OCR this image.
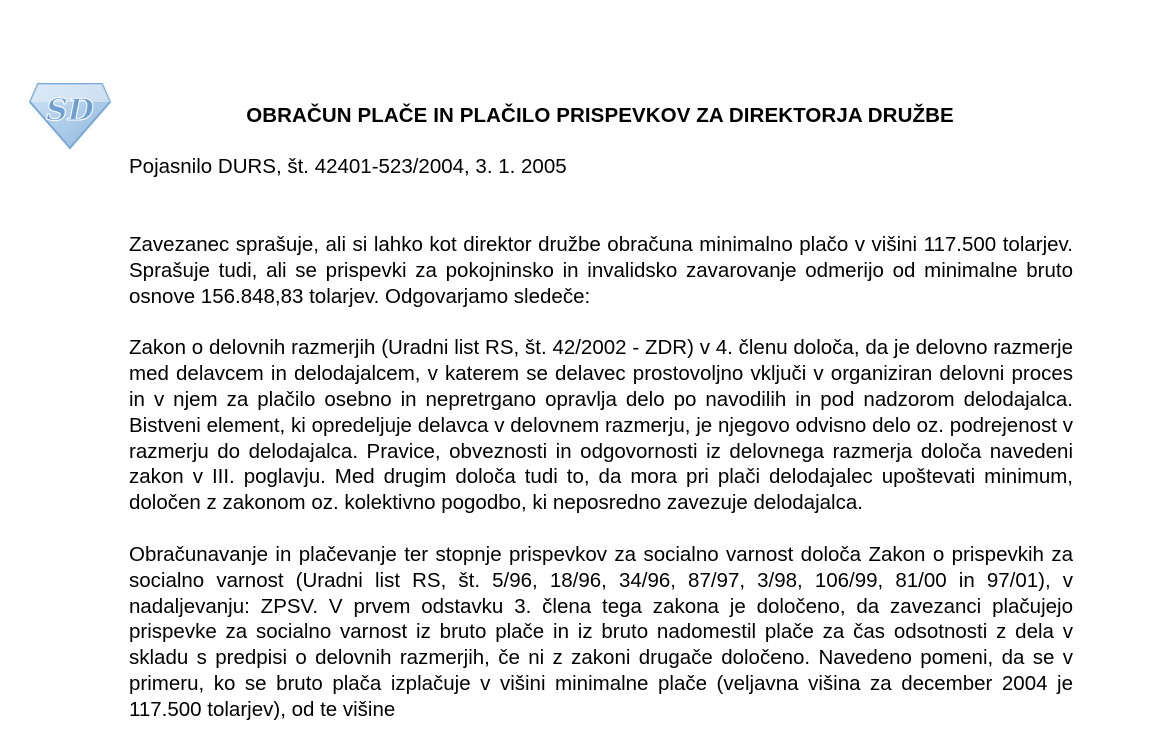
SD	OBRAČUN PLAČE IN PLAČILO PRISPEVKOV ZA DIREKTORJA DRUŽBE
Pojasnilo DURS, št. 42401-523/2004, 3. 1. 2005

Zavezanec sprašuje, ali si lahko kot direktor družbe obračuna minimalno plačo v višini 117.500 tolarjev. Sprašuje tudi, ali se prispevki za pokojninsko in invalidsko zavarovanje odmerijo od minimalne bruto osnove 156.848,83 tolarjev. Odgovarjamo sledeče:

Zakon o delovnih razmerjih (Uradni list RS, št. 42/2002 - ZDR) v 4. členu določa, da je delovno razmerje med delavcem in delodajalcem, v katerem se delavec prostovoljno vključi v organiziran delovni proces in v njem za plačilo osebno in nepretrgano opravlja delo po navodilih in pod nadzorom delodajalca. Bistveni element, ki opredeljuje delavca v delovnem razmerju, je njegovo odvisno delo oz. podrejenost v razmerju do delodajalca. Pravice, obveznosti in odgovornosti iz delovnega razmerja določa navedeni zakon v III. poglavju. Med drugim določa tudi to, da mora pri plači delodajalec upoštevati minimum, določen z zakonom oz. kolektivno pogodbo, ki neposredno zavezuje delodajalca.

Obračunavanje in plačevanje ter stopnje prispevkov za socialno varnost določa Zakon o prispevkih za socialno varnost (Uradni list RS, št. 5/96, 18/96, 34/96, 87/97, 3/98, 106/99, 81/00 in 97/01), v nadaljevanju: ZPSV. V prvem odstavku 3. člena tega zakona je določeno, da zavezanci plačujejo prispevke za socialno varnost iz bruto plače in iz bruto nadomestil plače za čas odsotnosti z dela v skladu s predpisi o delovnih razmerjih, če ni z zakoni drugače določeno. Navedeno pomeni, da se v primeru, ko se bruto plača izplačuje v višini minimalne plače (veljavna višina za december 2004 je 117.500 tolarjev), od te višine
